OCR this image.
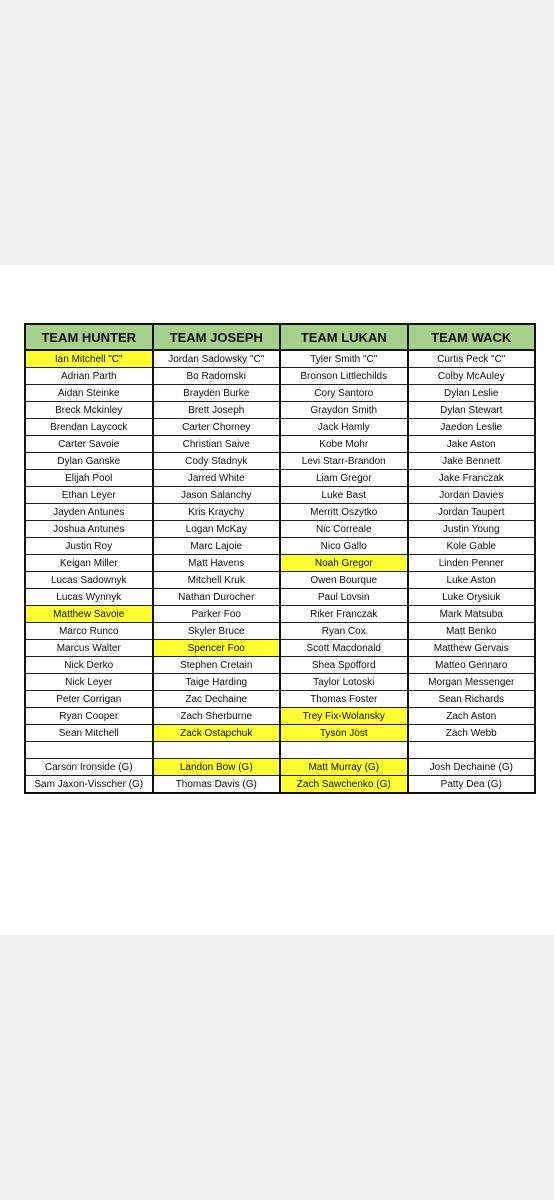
TEAM HUNTER	TEAM JOSEPH	TEAM LUKAN	TEAM WACK
Ian Mitchell "C"	Jordan Sadowsky "C"	Tyler Smith "C"	Curtis Peck "C"
Adrian Parth	Bo Radomski	Bronson Littlechilds	Colby McAuley
Aidan Steinke	Brayden Burke	Cory Santoro	Dylan Leslie
Breck Mckinley	Brett Joseph	Graydon Smith	Dylan Stewart
Brendan Laycock	Carter Chorney	Jack Hamly	Jaedon Leslie
Carter Savoie	Christian Saive	Kobe Mohr	Jake Aston
Dylan Ganske	Cody Stadnyk	Levi Starr-Brandon	Jake Bennett
Elijah Pool	Jarred White	Liam Gregor	Jake Franczak
Ethan Leyer	Jason Salanchy	Luke Bast	Jordan Davies
Jayden Antunes	Kris Kraychy	Merritt Oszytko	Jordan Taupert
Joshua Antunes	Logan McKay	Nic Correale	Justin Young
Justin Roy	Marc Lajoie	Nico Gallo	Kole Gable
Keigan Miller	Matt Havens	Noah Gregor	Linden Penner
Lucas Sadownyk	Mitchell Kruk	Owen Bourque	Luke Aston
Lucas Wynnyk	Nathan Durocher	Paul Lovsin	Luke Orysiuk
Matthew Savoie	Parker Foo	Riker Franczak	Mark Matsuba
Marco Runco	Skyler Bruce	Ryan Cox	Matt Benko
Marcus Walter	Spencer Foo	Scott Macdonald	Matthew Gervais
Nick Derko	Stephen Cretain	Shea Spofford	Matteo Gennaro
Nick Leyer	Taige Harding	Taylor Lotoski	Morgan Messenger
Peter Corrigan	Zac Dechaine	Thomas Foster	Sean Richards
Ryan Cooper	Zach Sherburne	Trey Fix-Wolansky	Zach Aston
Sean Mitchell	Zack Ostapchuk	Tyson Jost	Zach Webb

Carson Ironside (G)	Landon Bow (G)	Matt Murray (G)	Josh Dechaine (G)
Sam Jaxon-Visscher (G)	Thomas Davis (G)	Zach Sawchenko (G)	Patty Dea (G)
